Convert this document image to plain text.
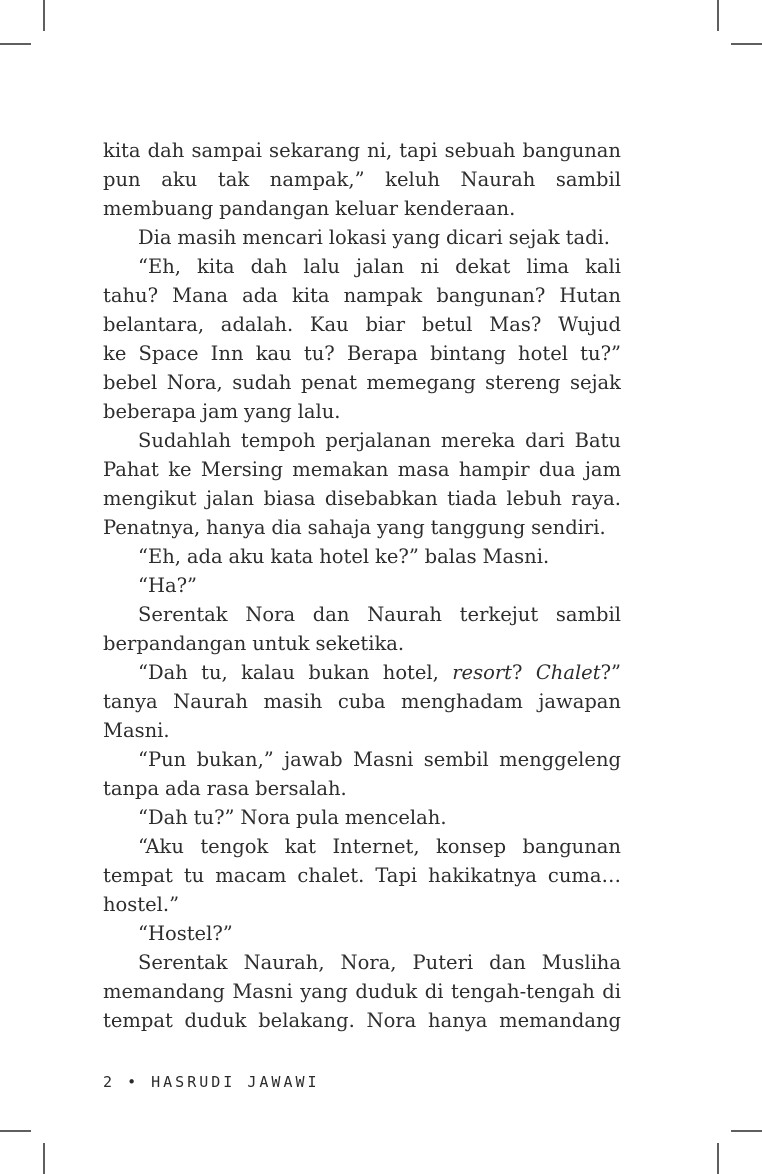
kita dah sampai sekarang ni, tapi sebuah bangunan
pun aku tak nampak,” keluh Naurah sambil
membuang pandangan keluar kenderaan.
Dia masih mencari lokasi yang dicari sejak tadi.
“Eh, kita dah lalu jalan ni dekat lima kali
tahu? Mana ada kita nampak bangunan? Hutan
belantara, adalah. Kau biar betul Mas? Wujud
ke Space Inn kau tu? Berapa bintang hotel tu?”
bebel Nora, sudah penat memegang stereng sejak
beberapa jam yang lalu.
Sudahlah tempoh perjalanan mereka dari Batu
Pahat ke Mersing memakan masa hampir dua jam
mengikut jalan biasa disebabkan tiada lebuh raya.
Penatnya, hanya dia sahaja yang tanggung sendiri.
“Eh, ada aku kata hotel ke?” balas Masni.
“Ha?”
Serentak Nora dan Naurah terkejut sambil
berpandangan untuk seketika.
“Dah tu, kalau bukan hotel, resort? Chalet?”
tanya Naurah masih cuba menghadam jawapan
Masni.
“Pun bukan,” jawab Masni sembil menggeleng
tanpa ada rasa bersalah.
“Dah tu?” Nora pula mencelah.
“Aku tengok kat Internet, konsep bangunan
tempat tu macam chalet. Tapi hakikatnya cuma…
hostel.”
“Hostel?”
Serentak Naurah, Nora, Puteri dan Musliha
memandang Masni yang duduk di tengah-tengah di
tempat duduk belakang. Nora hanya memandang
2 • HASRUDI JAWAWI
